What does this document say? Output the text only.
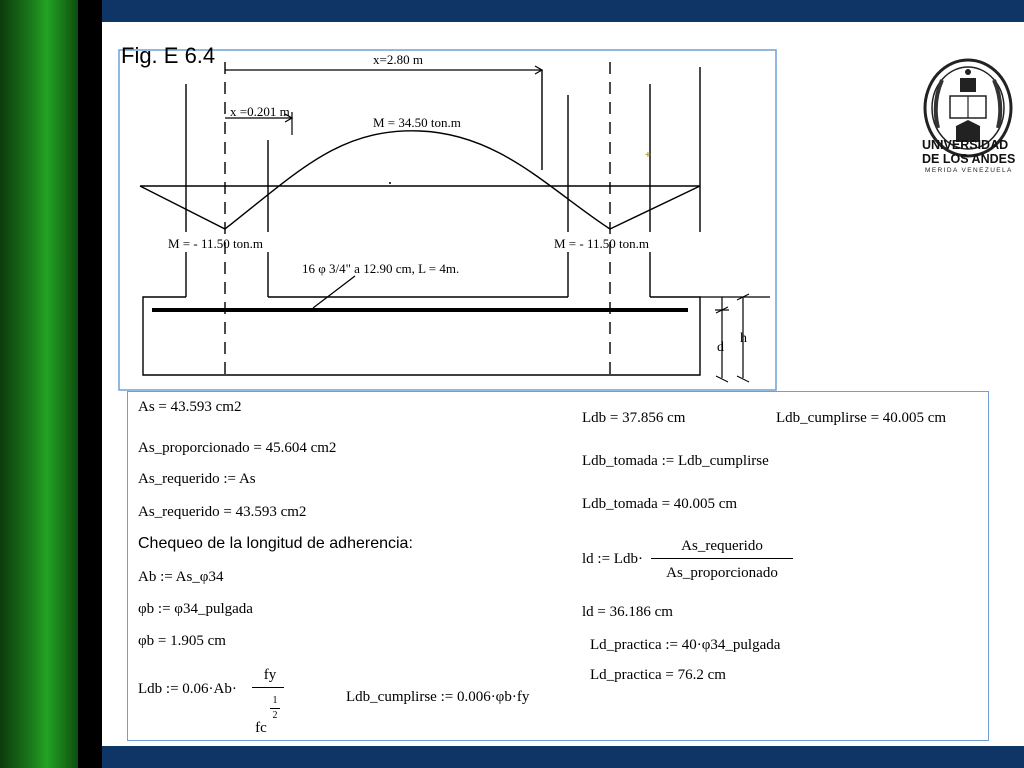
x=2.80 m
x =0.201 m
M = 34.50 ton.m
M = - 11.50 ton.m	M = - 11.50 ton.m
16 φ 3/4" a 12.90 cm, L = 4m.
d
h
+
Fig. E 6.4
UNIVERSIDAD
DE LOS ANDES
MERIDA VENEZUELA
As = 43.593 cm2
As_proporcionado = 45.604 cm2
As_requerido := As
As_requerido = 43.593 cm2
Chequeo de la longitud de adherencia:
Ab := As_φ34
φb := φ34_pulgada
φb = 1.905 cm
Ldb := 0.06·Ab·
fy
fc
1
2
Ldb_cumplirse := 0.006·φb·fy
Ldb = 37.856 cm	Ldb_cumplirse = 40.005 cm
Ldb_tomada := Ldb_cumplirse
Ldb_tomada = 40.005 cm
ld := Ldb·
As_requerido
As_proporcionado
ld = 36.186 cm
Ld_practica := 40·φ34_pulgada
Ld_practica = 76.2 cm
